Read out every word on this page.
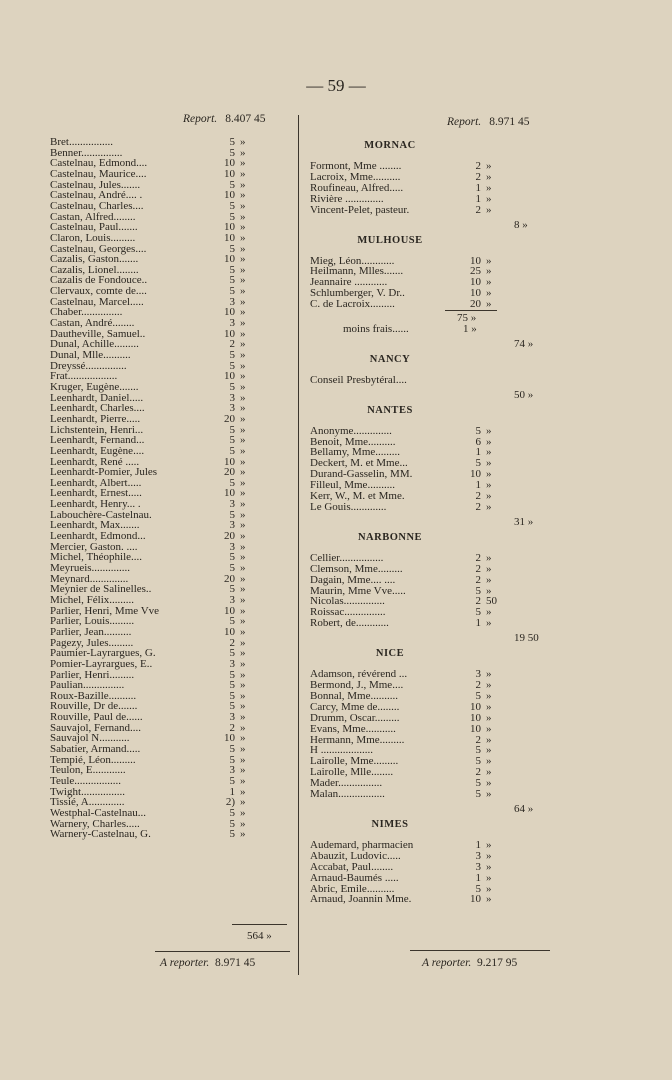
— 59 —
Report. 8.407 45
Bret................	5 »
Benner...............	5 »
Castelnau, Edmond....	10 »
Castelnau, Maurice....	10 »
Castelnau, Jules.......	5 »
Castelnau, André.... .	10 »
Castelnau, Charles....	5 »
Castan, Alfred........	5 »
Castelnau, Paul.......	10 »
Claron, Louis.........	10 »
Castelnau, Georges....	5 »
Cazalis, Gaston.......	10 »
Cazalis, Lionel........	5 »
Cazalis de Fondouce..	5 »
Clervaux, comte de....	5 »
Castelnau, Marcel.....	3 »
Chaber...............	10 »
Castan, André........	3 »
Dautheville, Samuel..	10 »
Dunal, Achille.........	2 »
Dunal, Mlle..........	5 »
Dreyssé...............	5 »
Frat..................	10 »
Kruger, Eugène.......	5 »
Leenhardt, Daniel.....	3 »
Leenhardt, Charles....	3 »
Leenhardt, Pierre.....	20 »
Lichstentein, Henri...	5 »
Leenhardt, Fernand...	5 »
Leenhardt, Eugène....	5 »
Leenhardt, René .....	10 »
Leenhardt-Pomier, Jules	20 »
Leenhardt, Albert.....	5 »
Leenhardt, Ernest.....	10 »
Leenhardt, Henry... .	3 »
Labouchère-Castelnau.	5 »
Leenhardt, Max.......	3 »
Leenhardt, Edmond...	20 »
Mercier, Gaston. ....	3 »
Michel, Théophile....	5 »
Meyrueis..............	5 »
Meynard..............	20 »
Meynier de Salinelles..	5 »
Michel, Félix.........	3 »
Parlier, Henri, Mme Vve	10 »
Parlier, Louis.........	5 »
Parlier, Jean..........	10 »
Pagezy, Jules.........	2 »
Paumier-Layrargues, G.	5 »
Pomier-Layrargues, E..	3 »
Parlier, Henri.........	5 »
Paulian...............	5 »
Roux-Bazille..........	5 »
Rouville, Dr de.......	5 »
Rouville, Paul de......	3 »
Sauvajol, Fernand....	2 »
Sauvajol N...........	10 »
Sabatier, Armand.....	5 »
Tempié, Léon.........	5 »
Teulon, E............	3 »
Teule.................	5 »
Twight................	1 »
Tissié, A.............	2) »
Westphal-Castelnau...	5 »
Warnery, Charles.....	5 »
Warnery-Castelnau, G.	5 »
564 »
A reporter. 8.971 45
Report. 8.971 45
MORNAC
Formont, Mme ........	2 »
Lacroix, Mme..........	2 »
Roufineau, Alfred.....	1 »
Rivière ..............	1 »
Vincent-Pelet, pasteur.	2 »
MULHOUSE
Mieg, Léon............	10 »
Heilmann, Mlles.......	25 »
Jeannaire ............	10 »
Schlumberger, V. Dr..	10 »
C. de Lacroix.........	20 »
NANCY
Conseil Presbytéral....
NANTES
Anonyme..............	5 »
Benoit, Mme..........	6 »
Bellamy, Mme.........	1 »
Deckert, M. et Mme...	5 »
Durand-Gasselin, MM.	10 »
Filleul, Mme..........	1 »
Kerr, W., M. et Mme.	2 »
Le Gouis.............	2 »
NARBONNE
Cellier................	2 »
Clemson, Mme.........	2 »
Dagain, Mme.... ....	2 »
Maurin, Mme Vve.....	5 »
Nicolas...............	2 50
Roissac...............	5 »
Robert, de............	1 »
NICE
Adamson, révérend ...	3 »
Bermond, J., Mme....	2 »
Bonnal, Mme..........	5 »
Carcy, Mme de........	10 »
Drumm, Oscar.........	10 »
Evans, Mme...........	10 »
Hermann, Mme.........	2 »
H ...................	5 »
Lairolle, Mme.........	5 »
Lairolle, Mlle........	2 »
Mader................	5 »
Malan.................	5 »
NIMES
Audemard, pharmacien	1 »
Abauzit, Ludovic.....	3 »
Accabat, Paul........	3 »
Arnaud-Baumés .....	1 »
Abric, Emile..........	5 »
Arnaud, Joannin Mme.	10 »
A reporter. 9.217 95
8 »
75 »
moins frais......	1 »
74 »
50 »
31 »
19 50
64 »
